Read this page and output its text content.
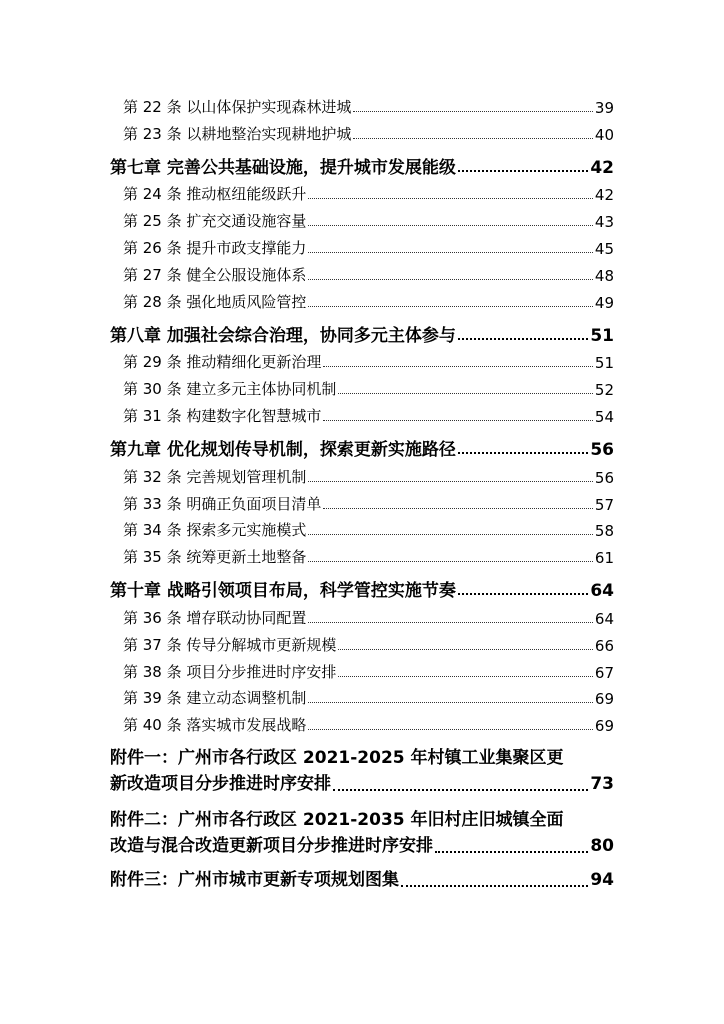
第 22 条 以山体保护实现森林进城	39
第 23 条 以耕地整治实现耕地护城	40
第七章 完善公共基础设施，提升城市发展能级	42
第 24 条 推动枢纽能级跃升	42
第 25 条 扩充交通设施容量	43
第 26 条 提升市政支撑能力	45
第 27 条 健全公服设施体系	48
第 28 条 强化地质风险管控	49
第八章 加强社会综合治理，协同多元主体参与	51
第 29 条 推动精细化更新治理	51
第 30 条 建立多元主体协同机制	52
第 31 条 构建数字化智慧城市	54
第九章 优化规划传导机制，探索更新实施路径	56
第 32 条 完善规划管理机制	56
第 33 条 明确正负面项目清单	57
第 34 条 探索多元实施模式	58
第 35 条 统筹更新土地整备	61
第十章 战略引领项目布局，科学管控实施节奏	64
第 36 条 增存联动协同配置	64
第 37 条 传导分解城市更新规模	66
第 38 条 项目分步推进时序安排	67
第 39 条 建立动态调整机制	69
第 40 条 落实城市发展战略	69
附件一：广州市各行政区 2021-2025 年村镇工业集聚区更
新改造项目分步推进时序安排	73
附件二：广州市各行政区 2021-2035 年旧村庄旧城镇全面
改造与混合改造更新项目分步推进时序安排	80
附件三：广州市城市更新专项规划图集	94
